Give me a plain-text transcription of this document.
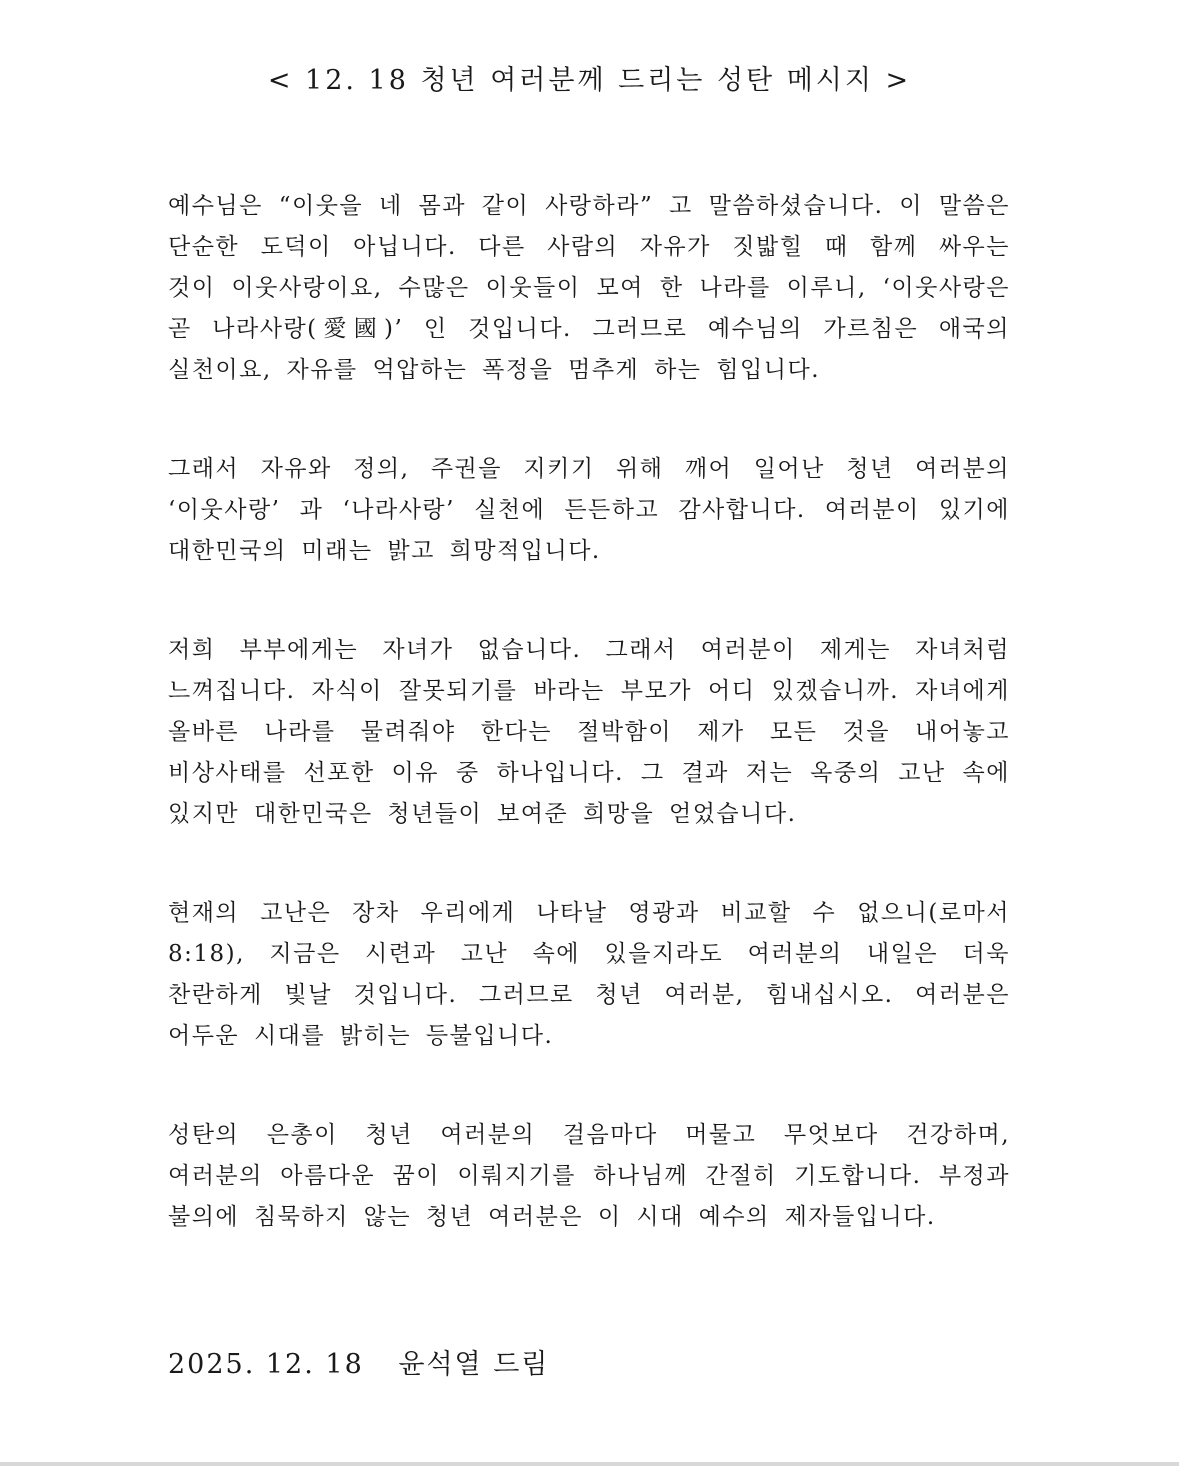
< 12. 18 청년 여러분께 드리는 성탄 메시지 >

예수님은 “이웃을 네 몸과 같이 사랑하라” 고 말씀하셨습니다. 이 말씀은 단순한 도덕이 아닙니다. 다른 사람의 자유가 짓밟힐 때 함께 싸우는 것이 이웃사랑이요, 수많은 이웃들이 모여 한 나라를 이루니, ‘이웃사랑은 곧 나라사랑(愛國)’ 인 것입니다. 그러므로 예수님의 가르침은 애국의 실천이요, 자유를 억압하는 폭정을 멈추게 하는 힘입니다.

그래서 자유와 정의, 주권을 지키기 위해 깨어 일어난 청년 여러분의 ‘이웃사랑’ 과 ‘나라사랑’ 실천에 든든하고 감사합니다. 여러분이 있기에 대한민국의 미래는 밝고 희망적입니다.

저희 부부에게는 자녀가 없습니다. 그래서 여러분이 제게는 자녀처럼 느껴집니다. 자식이 잘못되기를 바라는 부모가 어디 있겠습니까. 자녀에게 올바른 나라를 물려줘야 한다는 절박함이 제가 모든 것을 내어놓고 비상사태를 선포한 이유 중 하나입니다. 그 결과 저는 옥중의 고난 속에 있지만 대한민국은 청년들이 보여준 희망을 얻었습니다.

현재의 고난은 장차 우리에게 나타날 영광과 비교할 수 없으니(로마서 8:18), 지금은 시련과 고난 속에 있을지라도 여러분의 내일은 더욱 찬란하게 빛날 것입니다. 그러므로 청년 여러분, 힘내십시오. 여러분은 어두운 시대를 밝히는 등불입니다.

성탄의 은총이 청년 여러분의 걸음마다 머물고 무엇보다 건강하며, 여러분의 아름다운 꿈이 이뤄지기를 하나님께 간절히 기도합니다. 부정과 불의에 침묵하지 않는 청년 여러분은 이 시대 예수의 제자들입니다.

2025. 12. 18 윤석열 드림
